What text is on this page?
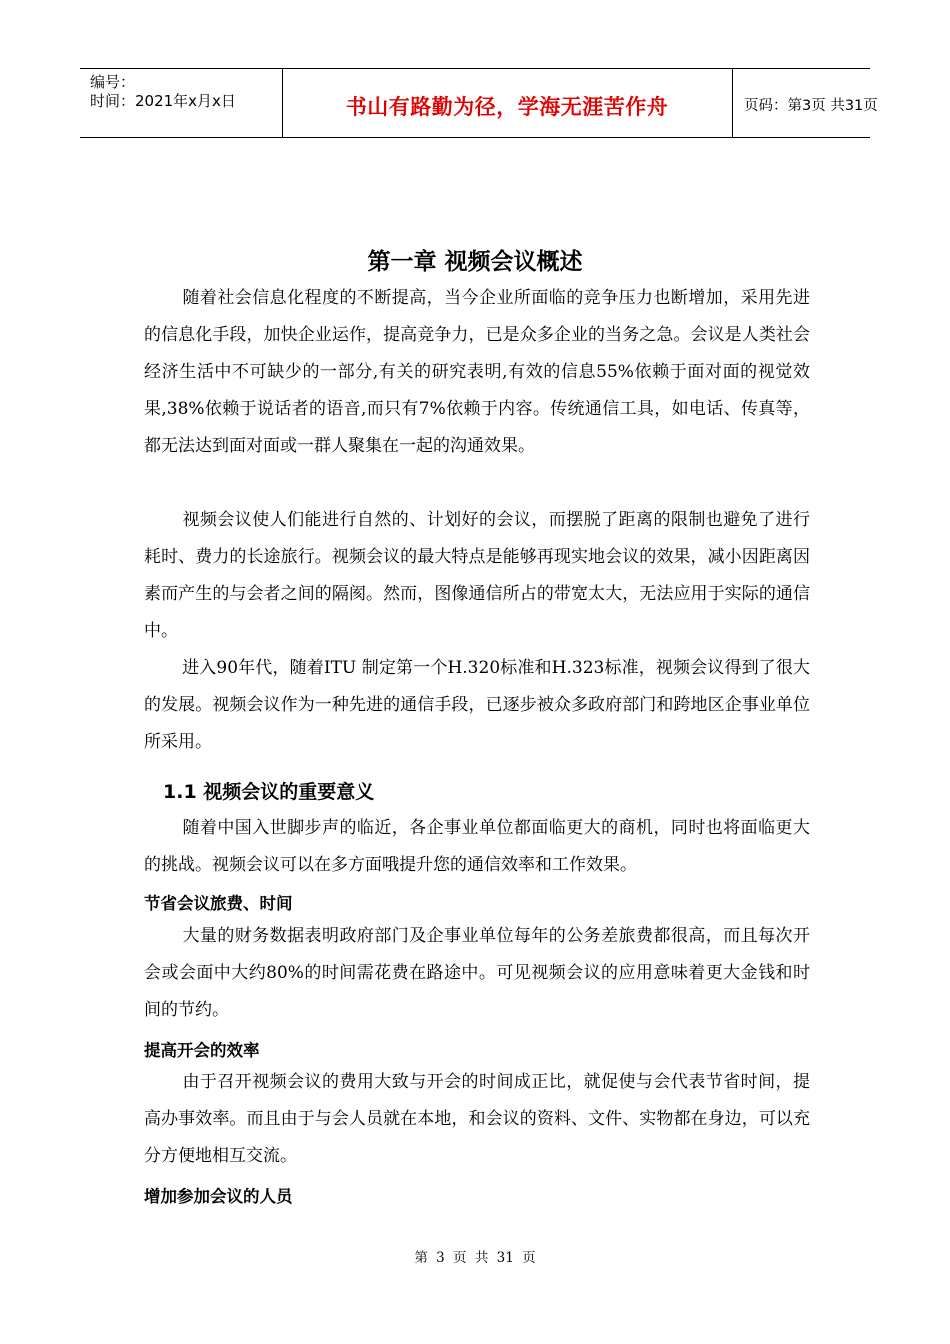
编号：
时间：2021年x月x日	书山有路勤为径，学海无涯苦作舟	页码：第3页 共31页
第一章 视频会议概述

随着社会信息化程度的不断提高，当今企业所面临的竞争压力也断增加，采用先进的信息化手段，加快企业运作，提高竞争力，已是众多企业的当务之急。会议是人类社会经济生活中不可缺少的一部分,有关的研究表明,有效的信息55%依赖于面对面的视觉效果,38%依赖于说话者的语音,而只有7%依赖于内容。传统通信工具，如电话、传真等，都无法达到面对面或一群人聚集在一起的沟通效果。

视频会议使人们能进行自然的、计划好的会议，而摆脱了距离的限制也避免了进行耗时、费力的长途旅行。视频会议的最大特点是能够再现实地会议的效果，减小因距离因素而产生的与会者之间的隔阂。然而，图像通信所占的带宽太大，无法应用于实际的通信中。

进入90年代，随着ITU 制定第一个H.320标准和H.323标准，视频会议得到了很大的发展。视频会议作为一种先进的通信手段，已逐步被众多政府部门和跨地区企事业单位所采用。

1.1 视频会议的重要意义

随着中国入世脚步声的临近，各企事业单位都面临更大的商机，同时也将面临更大的挑战。视频会议可以在多方面哦提升您的通信效率和工作效果。

节省会议旅费、时间

大量的财务数据表明政府部门及企事业单位每年的公务差旅费都很高，而且每次开会或会面中大约80%的时间需花费在路途中。可见视频会议的应用意味着更大金钱和时间的节约。

提高开会的效率

由于召开视频会议的费用大致与开会的时间成正比，就促使与会代表节省时间，提高办事效率。而且由于与会人员就在本地，和会议的资料、文件、实物都在身边，可以充分方便地相互交流。

增加参加会议的人员
第 3 页 共 31 页
